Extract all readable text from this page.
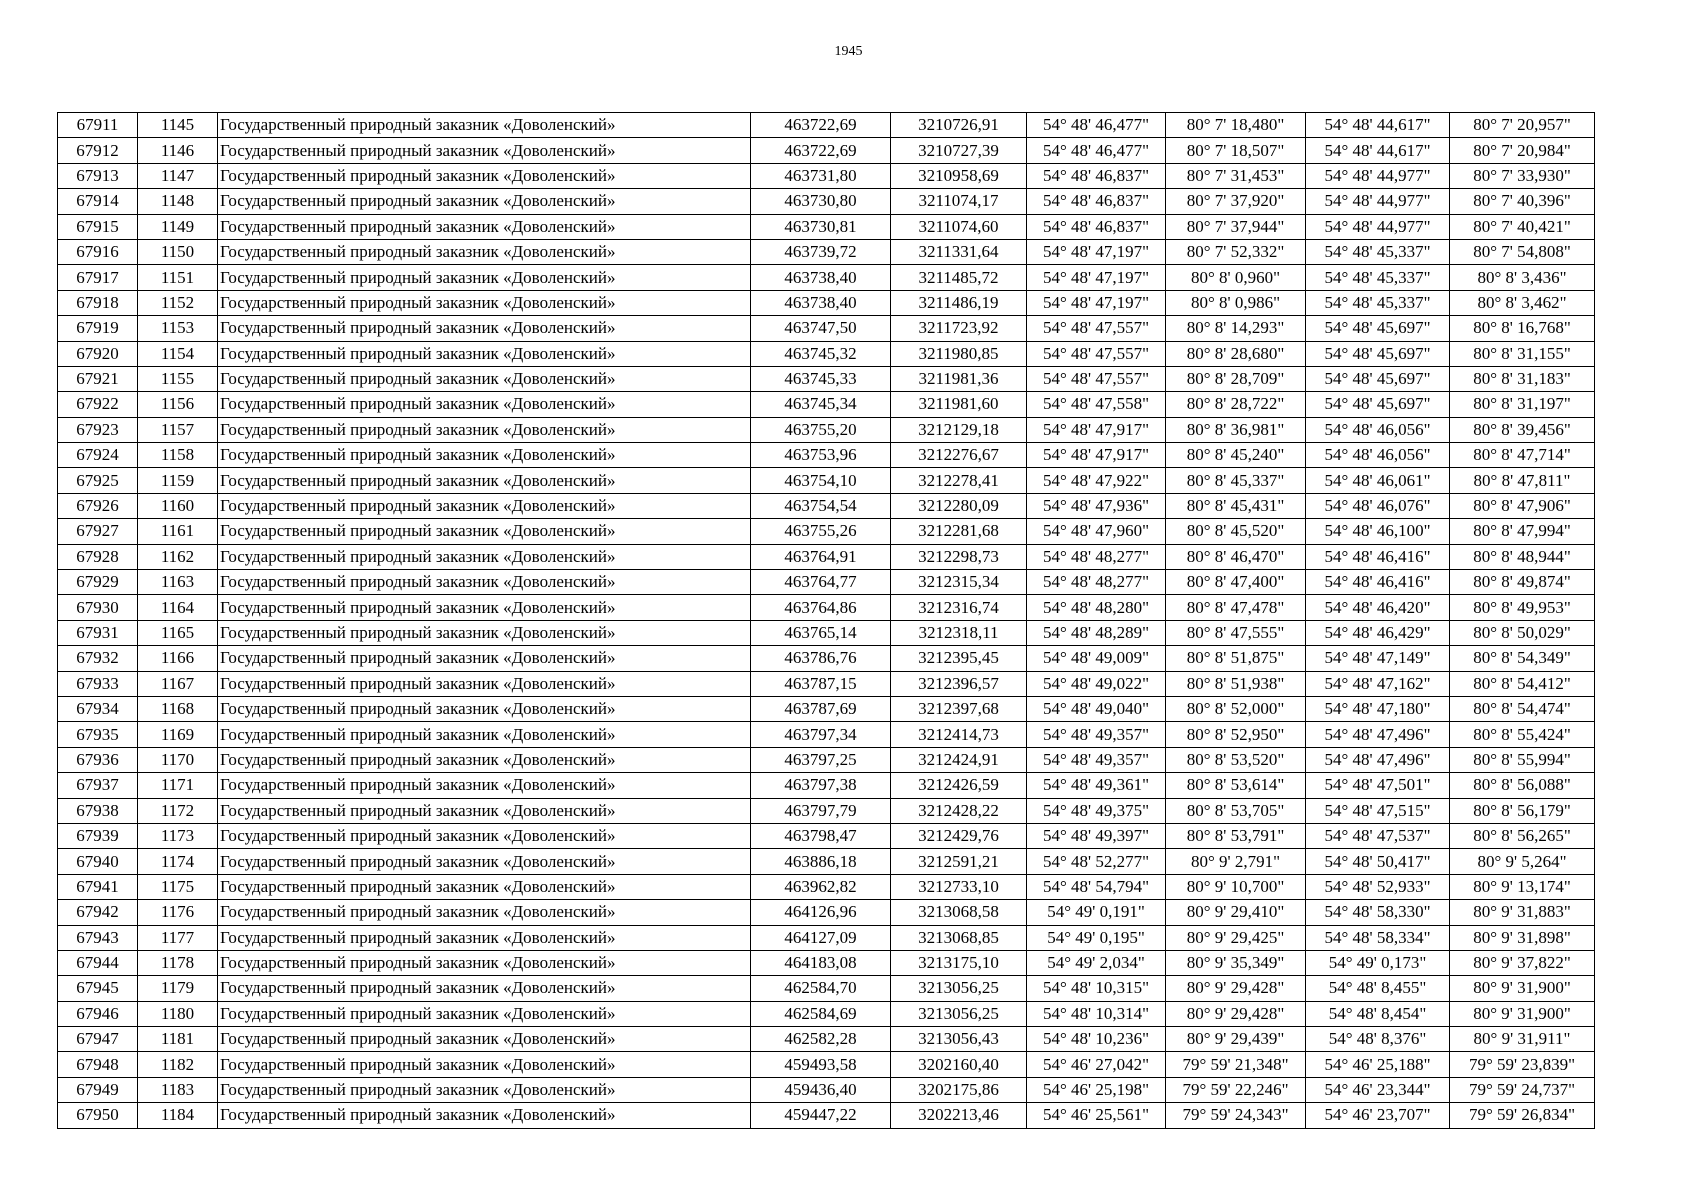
1945
67911	1145	Государственный природный заказник «Доволенский»	463722,69	3210726,91	54° 48' 46,477"	80° 7' 18,480"	54° 48' 44,617"	80° 7' 20,957"
67912	1146	Государственный природный заказник «Доволенский»	463722,69	3210727,39	54° 48' 46,477"	80° 7' 18,507"	54° 48' 44,617"	80° 7' 20,984"
67913	1147	Государственный природный заказник «Доволенский»	463731,80	3210958,69	54° 48' 46,837"	80° 7' 31,453"	54° 48' 44,977"	80° 7' 33,930"
67914	1148	Государственный природный заказник «Доволенский»	463730,80	3211074,17	54° 48' 46,837"	80° 7' 37,920"	54° 48' 44,977"	80° 7' 40,396"
67915	1149	Государственный природный заказник «Доволенский»	463730,81	3211074,60	54° 48' 46,837"	80° 7' 37,944"	54° 48' 44,977"	80° 7' 40,421"
67916	1150	Государственный природный заказник «Доволенский»	463739,72	3211331,64	54° 48' 47,197"	80° 7' 52,332"	54° 48' 45,337"	80° 7' 54,808"
67917	1151	Государственный природный заказник «Доволенский»	463738,40	3211485,72	54° 48' 47,197"	80° 8' 0,960"	54° 48' 45,337"	80° 8' 3,436"
67918	1152	Государственный природный заказник «Доволенский»	463738,40	3211486,19	54° 48' 47,197"	80° 8' 0,986"	54° 48' 45,337"	80° 8' 3,462"
67919	1153	Государственный природный заказник «Доволенский»	463747,50	3211723,92	54° 48' 47,557"	80° 8' 14,293"	54° 48' 45,697"	80° 8' 16,768"
67920	1154	Государственный природный заказник «Доволенский»	463745,32	3211980,85	54° 48' 47,557"	80° 8' 28,680"	54° 48' 45,697"	80° 8' 31,155"
67921	1155	Государственный природный заказник «Доволенский»	463745,33	3211981,36	54° 48' 47,557"	80° 8' 28,709"	54° 48' 45,697"	80° 8' 31,183"
67922	1156	Государственный природный заказник «Доволенский»	463745,34	3211981,60	54° 48' 47,558"	80° 8' 28,722"	54° 48' 45,697"	80° 8' 31,197"
67923	1157	Государственный природный заказник «Доволенский»	463755,20	3212129,18	54° 48' 47,917"	80° 8' 36,981"	54° 48' 46,056"	80° 8' 39,456"
67924	1158	Государственный природный заказник «Доволенский»	463753,96	3212276,67	54° 48' 47,917"	80° 8' 45,240"	54° 48' 46,056"	80° 8' 47,714"
67925	1159	Государственный природный заказник «Доволенский»	463754,10	3212278,41	54° 48' 47,922"	80° 8' 45,337"	54° 48' 46,061"	80° 8' 47,811"
67926	1160	Государственный природный заказник «Доволенский»	463754,54	3212280,09	54° 48' 47,936"	80° 8' 45,431"	54° 48' 46,076"	80° 8' 47,906"
67927	1161	Государственный природный заказник «Доволенский»	463755,26	3212281,68	54° 48' 47,960"	80° 8' 45,520"	54° 48' 46,100"	80° 8' 47,994"
67928	1162	Государственный природный заказник «Доволенский»	463764,91	3212298,73	54° 48' 48,277"	80° 8' 46,470"	54° 48' 46,416"	80° 8' 48,944"
67929	1163	Государственный природный заказник «Доволенский»	463764,77	3212315,34	54° 48' 48,277"	80° 8' 47,400"	54° 48' 46,416"	80° 8' 49,874"
67930	1164	Государственный природный заказник «Доволенский»	463764,86	3212316,74	54° 48' 48,280"	80° 8' 47,478"	54° 48' 46,420"	80° 8' 49,953"
67931	1165	Государственный природный заказник «Доволенский»	463765,14	3212318,11	54° 48' 48,289"	80° 8' 47,555"	54° 48' 46,429"	80° 8' 50,029"
67932	1166	Государственный природный заказник «Доволенский»	463786,76	3212395,45	54° 48' 49,009"	80° 8' 51,875"	54° 48' 47,149"	80° 8' 54,349"
67933	1167	Государственный природный заказник «Доволенский»	463787,15	3212396,57	54° 48' 49,022"	80° 8' 51,938"	54° 48' 47,162"	80° 8' 54,412"
67934	1168	Государственный природный заказник «Доволенский»	463787,69	3212397,68	54° 48' 49,040"	80° 8' 52,000"	54° 48' 47,180"	80° 8' 54,474"
67935	1169	Государственный природный заказник «Доволенский»	463797,34	3212414,73	54° 48' 49,357"	80° 8' 52,950"	54° 48' 47,496"	80° 8' 55,424"
67936	1170	Государственный природный заказник «Доволенский»	463797,25	3212424,91	54° 48' 49,357"	80° 8' 53,520"	54° 48' 47,496"	80° 8' 55,994"
67937	1171	Государственный природный заказник «Доволенский»	463797,38	3212426,59	54° 48' 49,361"	80° 8' 53,614"	54° 48' 47,501"	80° 8' 56,088"
67938	1172	Государственный природный заказник «Доволенский»	463797,79	3212428,22	54° 48' 49,375"	80° 8' 53,705"	54° 48' 47,515"	80° 8' 56,179"
67939	1173	Государственный природный заказник «Доволенский»	463798,47	3212429,76	54° 48' 49,397"	80° 8' 53,791"	54° 48' 47,537"	80° 8' 56,265"
67940	1174	Государственный природный заказник «Доволенский»	463886,18	3212591,21	54° 48' 52,277"	80° 9' 2,791"	54° 48' 50,417"	80° 9' 5,264"
67941	1175	Государственный природный заказник «Доволенский»	463962,82	3212733,10	54° 48' 54,794"	80° 9' 10,700"	54° 48' 52,933"	80° 9' 13,174"
67942	1176	Государственный природный заказник «Доволенский»	464126,96	3213068,58	54° 49' 0,191"	80° 9' 29,410"	54° 48' 58,330"	80° 9' 31,883"
67943	1177	Государственный природный заказник «Доволенский»	464127,09	3213068,85	54° 49' 0,195"	80° 9' 29,425"	54° 48' 58,334"	80° 9' 31,898"
67944	1178	Государственный природный заказник «Доволенский»	464183,08	3213175,10	54° 49' 2,034"	80° 9' 35,349"	54° 49' 0,173"	80° 9' 37,822"
67945	1179	Государственный природный заказник «Доволенский»	462584,70	3213056,25	54° 48' 10,315"	80° 9' 29,428"	54° 48' 8,455"	80° 9' 31,900"
67946	1180	Государственный природный заказник «Доволенский»	462584,69	3213056,25	54° 48' 10,314"	80° 9' 29,428"	54° 48' 8,454"	80° 9' 31,900"
67947	1181	Государственный природный заказник «Доволенский»	462582,28	3213056,43	54° 48' 10,236"	80° 9' 29,439"	54° 48' 8,376"	80° 9' 31,911"
67948	1182	Государственный природный заказник «Доволенский»	459493,58	3202160,40	54° 46' 27,042"	79° 59' 21,348"	54° 46' 25,188"	79° 59' 23,839"
67949	1183	Государственный природный заказник «Доволенский»	459436,40	3202175,86	54° 46' 25,198"	79° 59' 22,246"	54° 46' 23,344"	79° 59' 24,737"
67950	1184	Государственный природный заказник «Доволенский»	459447,22	3202213,46	54° 46' 25,561"	79° 59' 24,343"	54° 46' 23,707"	79° 59' 26,834"
